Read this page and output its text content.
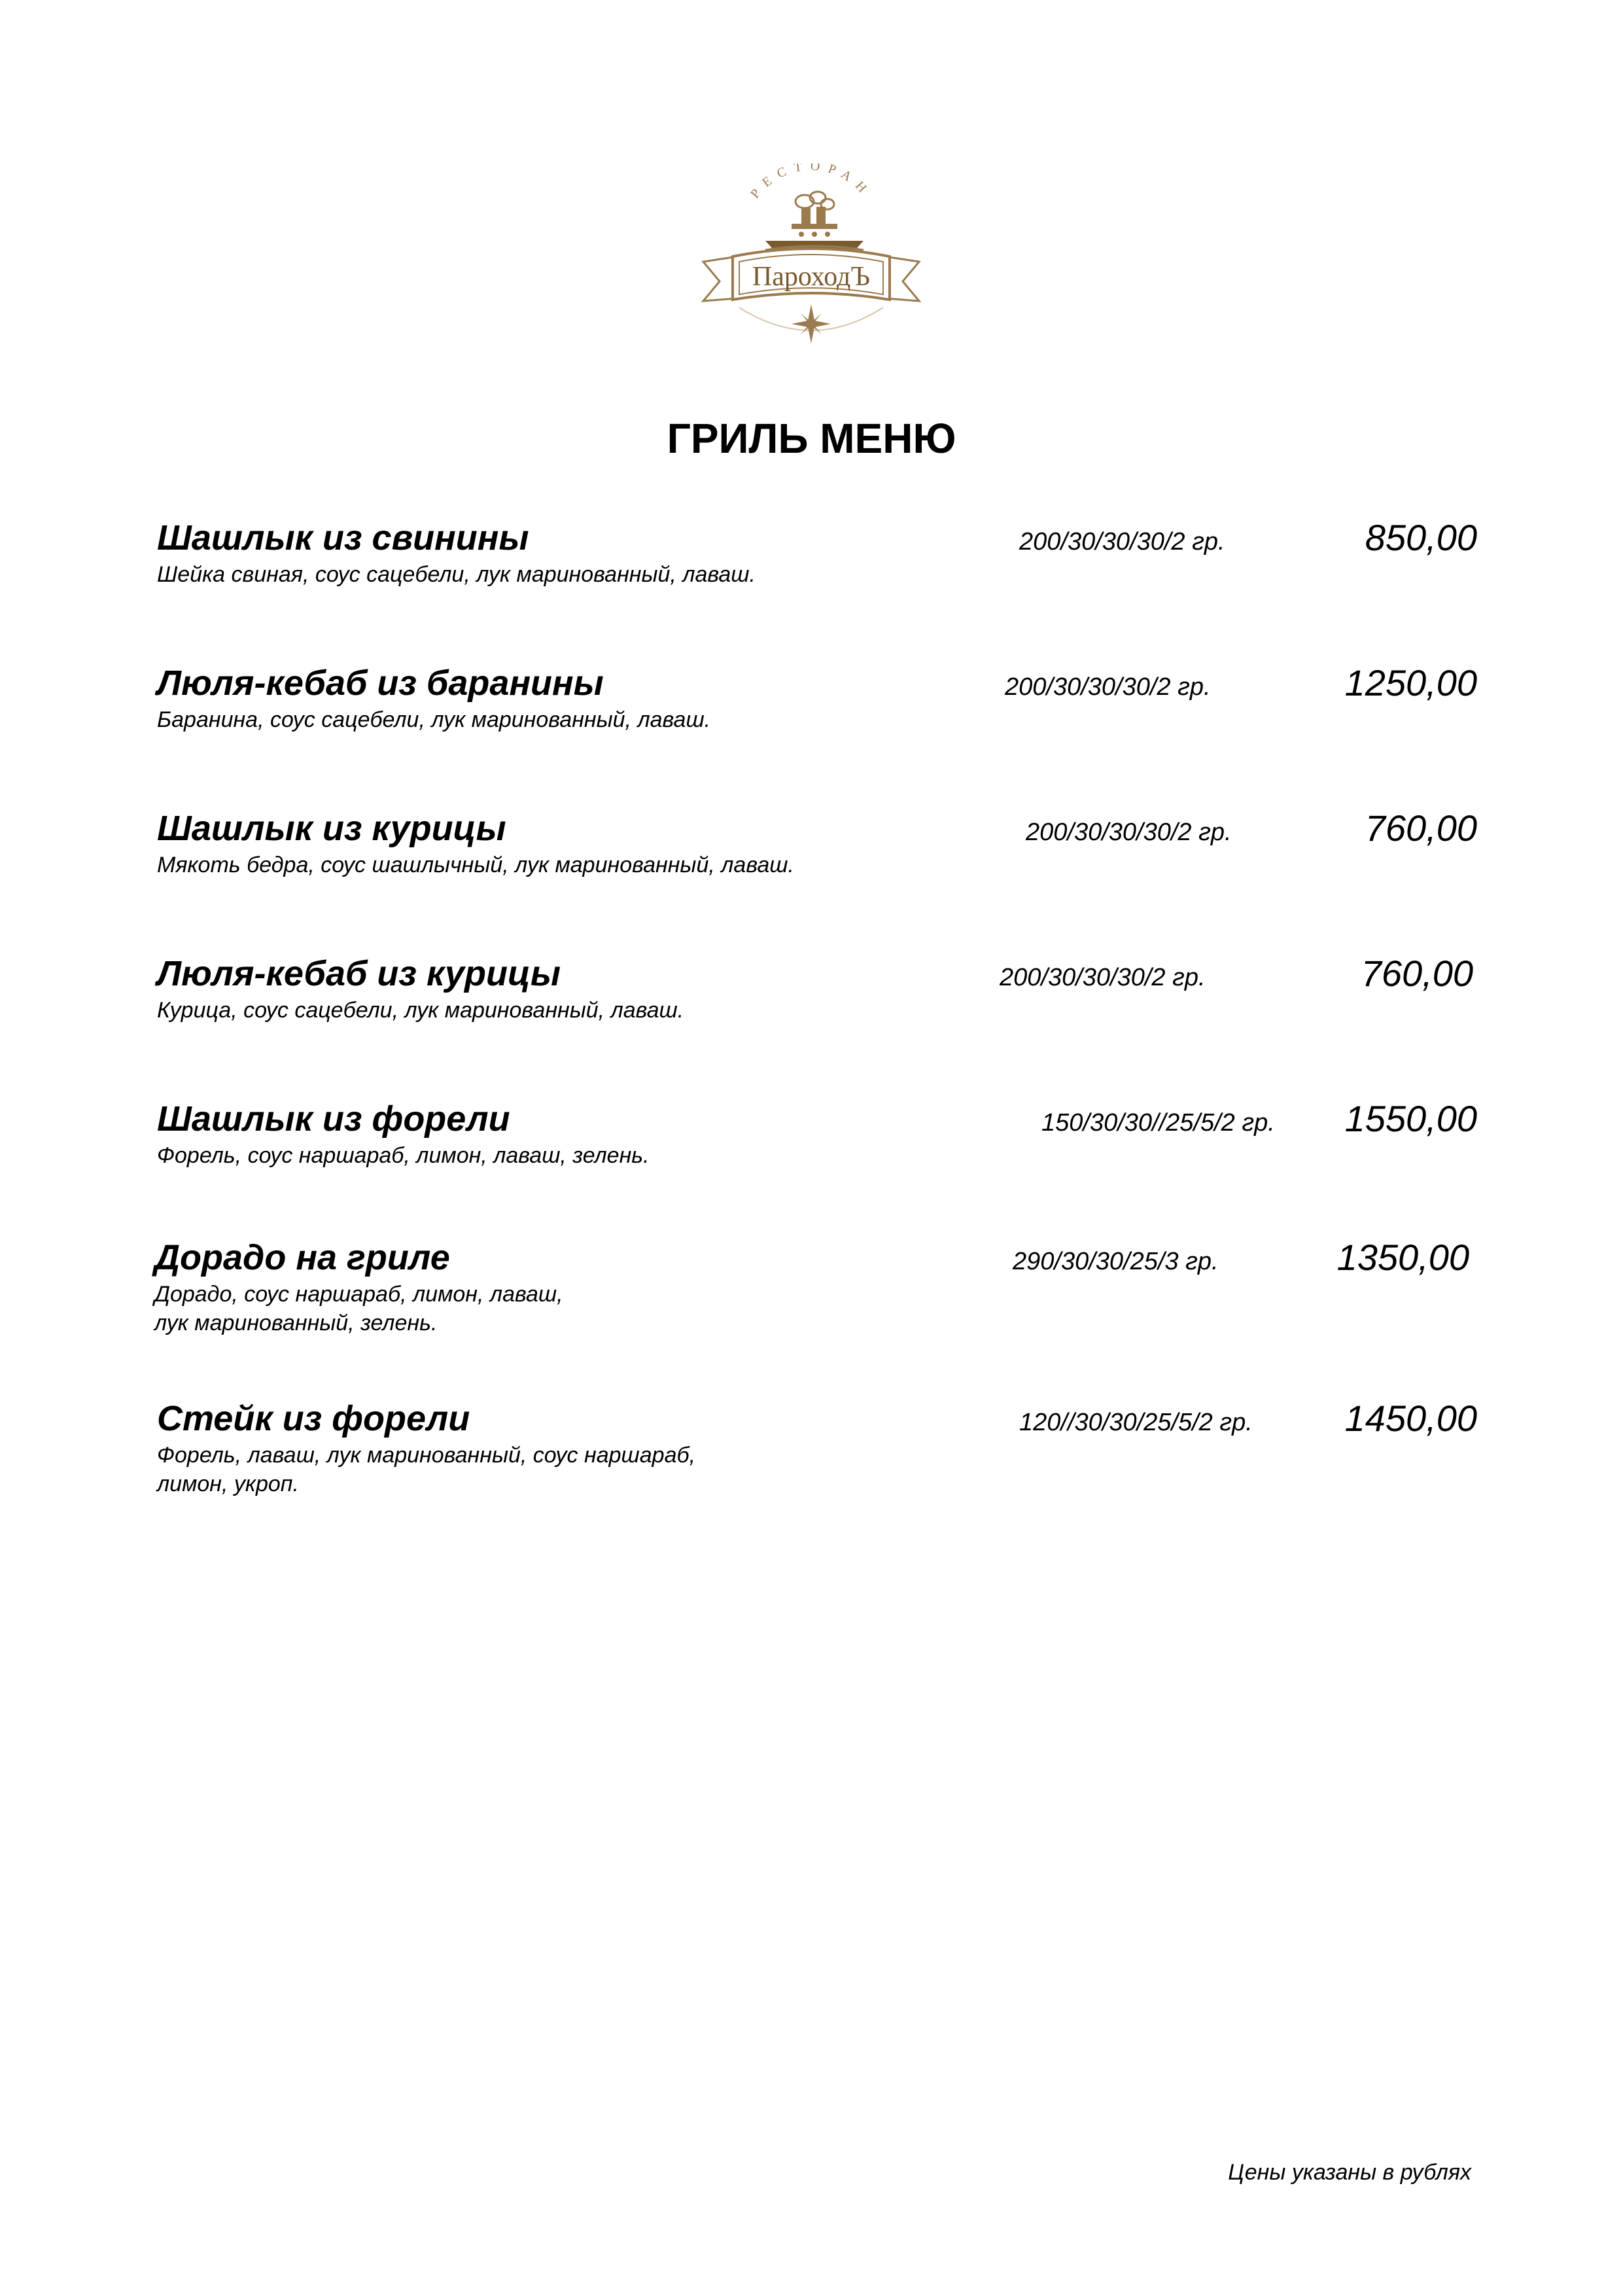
РЕСТОРАН
ПароходЪ
ГРИЛЬ МЕНЮ
Шашлык из свинины	200/30/30/30/2 гр.	850,00
Шейка свиная, соус сацебели, лук маринованный, лаваш.
Люля-кебаб из баранины	200/30/30/30/2 гр.	1250,00
Баранина, соус сацебели, лук маринованный, лаваш.
Шашлык из курицы	200/30/30/30/2 гр.	760,00
Мякоть бедра, соус шашлычный, лук маринованный, лаваш.
Люля-кебаб из курицы	200/30/30/30/2 гр.	760,00
Курица, соус сацебели, лук маринованный, лаваш.
Шашлык из форели	150/30/30//25/5/2 гр.	1550,00
Форель, соус наршараб, лимон, лаваш, зелень.
Дорадо на гриле	290/30/30/25/3 гр.	1350,00
Дорадо, соус наршараб, лимон, лаваш,
лук маринованный, зелень.
Стейк из форели	120//30/30/25/5/2 гр.	1450,00
Форель, лаваш, лук маринованный, соус наршараб,
лимон, укроп.
Цены указаны в рублях
